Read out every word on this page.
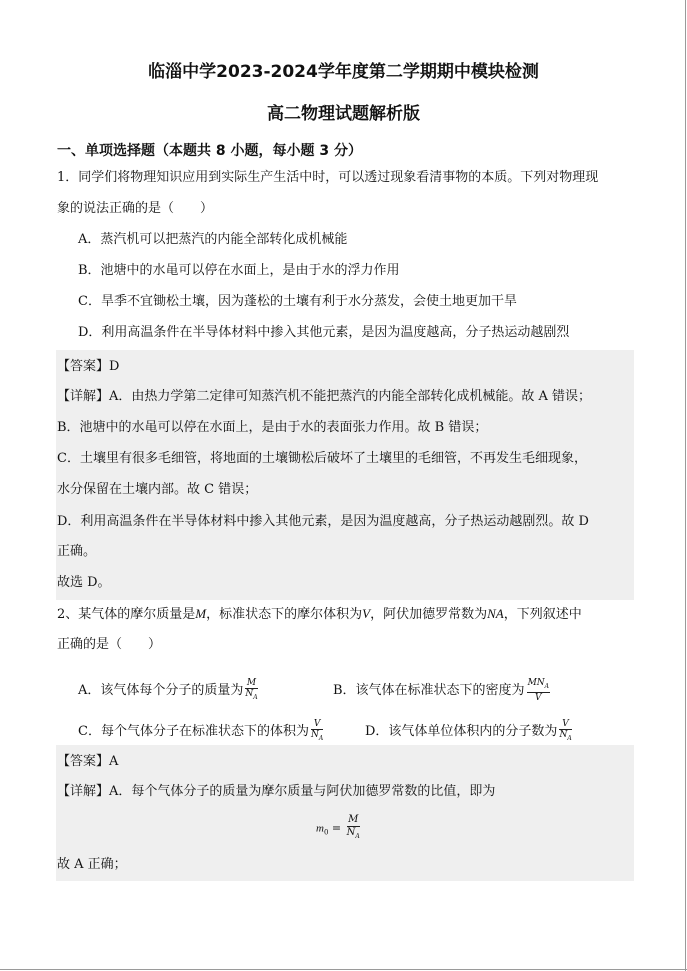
临淄中学2023-2024学年度第二学期期中模块检测
高二物理试题解析版
一、单项选择题（本题共 8 小题，每小题 3 分）
1．同学们将物理知识应用到实际生产生活中时，可以透过现象看清事物的本质。下列对物理现
象的说法正确的是（　　）
A．蒸汽机可以把蒸汽的内能全部转化成机械能
B．池塘中的水黾可以停在水面上，是由于水的浮力作用
C．旱季不宜锄松土壤，因为蓬松的土壤有利于水分蒸发，会使土地更加干旱
D．利用高温条件在半导体材料中掺入其他元素，是因为温度越高，分子热运动越剧烈
【答案】D
【详解】A．由热力学第二定律可知蒸汽机不能把蒸汽的内能全部转化成机械能。故 A 错误；
B．池塘中的水黾可以停在水面上，是由于水的表面张力作用。故 B 错误；
C．土壤里有很多毛细管，将地面的土壤锄松后破坏了土壤里的毛细管，不再发生毛细现象，
水分保留在土壤内部。故 C 错误；
D．利用高温条件在半导体材料中掺入其他元素，是因为温度越高，分子热运动越剧烈。故 D
正确。
故选 D。
2、某气体的摩尔质量是M，标准状态下的摩尔体积为V，阿伏加德罗常数为NA，下列叙述中
正确的是（　　）
A．该气体每个分子的质量为 $\frac{M}{N_A}$	B．该气体在标准状态下的密度为 $\frac{MN_A}{V}$
C．每个气体分子在标准状态下的体积为 $\frac{V}{N_A}$	D．该气体单位体积内的分子数为 $\frac{V}{N_A}$
【答案】A
【详解】A．每个气体分子的质量为摩尔质量与阿伏加德罗常数的比值，即为
$m_0 = \frac{M}{N_A}$
故 A 正确；
